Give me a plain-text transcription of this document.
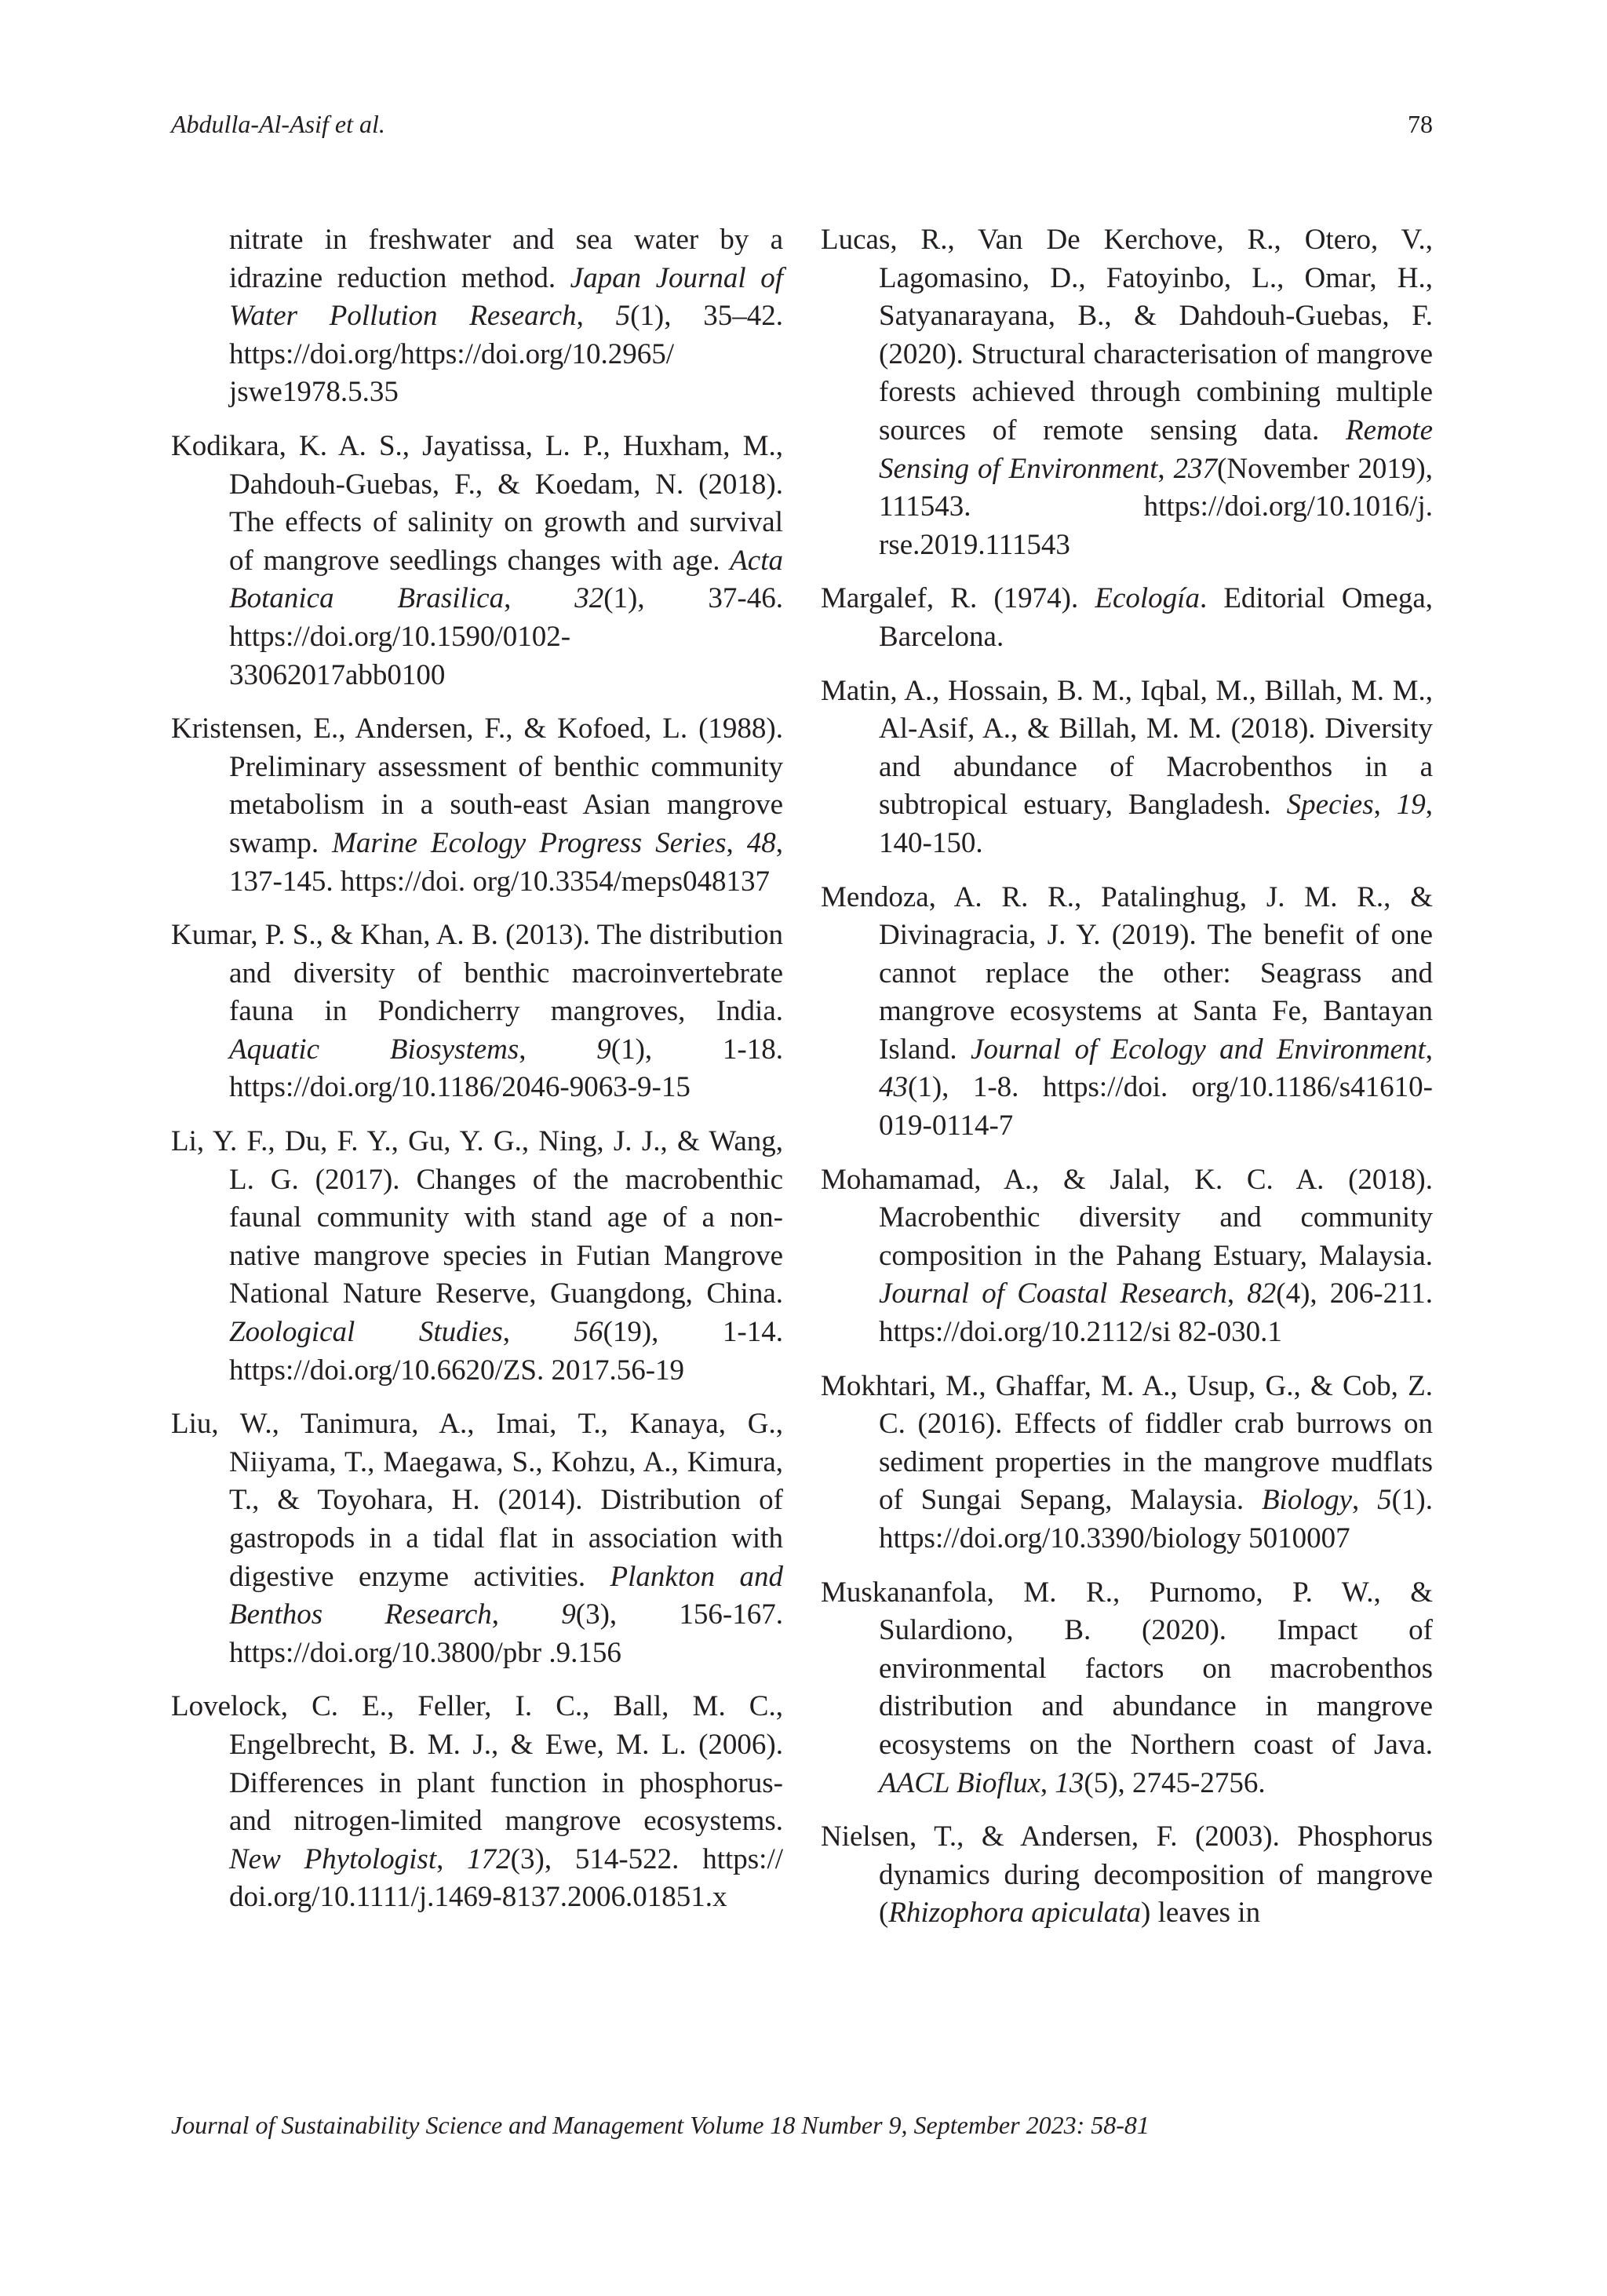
Abdulla-Al-Asif et al.	78

nitrate in freshwater and sea water by a idrazine reduction method. Japan Journal of Water Pollution Research, 5(1), 35–42. https://doi.org/https://doi.org/10.2965/ jswe1978.5.35

Kodikara, K. A. S., Jayatissa, L. P., Huxham, M., Dahdouh-Guebas, F., & Koedam, N. (2018). The effects of salinity on growth and survival of mangrove seedlings changes with age. Acta Botanica Brasilica, 32(1), 37-46. https://doi.org/10.1590/0102-33062017abb0100

Kristensen, E., Andersen, F., & Kofoed, L. (1988). Preliminary assessment of benthic community metabolism in a south-east Asian mangrove swamp. Marine Ecology Progress Series, 48, 137-145. https://doi. org/10.3354/meps048137

Kumar, P. S., & Khan, A. B. (2013). The distribution and diversity of benthic macroinvertebrate fauna in Pondicherry mangroves, India. Aquatic Biosystems, 9(1), 1-18. https://doi.org/10.1186/2046-9063-9-15

Li, Y. F., Du, F. Y., Gu, Y. G., Ning, J. J., & Wang, L. G. (2017). Changes of the macrobenthic faunal community with stand age of a non-native mangrove species in Futian Mangrove National Nature Reserve, Guangdong, China. Zoological Studies, 56(19), 1-14. https://doi.org/10.6620/ZS. 2017.56-19

Liu, W., Tanimura, A., Imai, T., Kanaya, G., Niiyama, T., Maegawa, S., Kohzu, A., Kimura, T., & Toyohara, H. (2014). Distribution of gastropods in a tidal flat in association with digestive enzyme activities. Plankton and Benthos Research, 9(3), 156-167. https://doi.org/10.3800/pbr .9.156

Lovelock, C. E., Feller, I. C., Ball, M. C., Engelbrecht, B. M. J., & Ewe, M. L. (2006). Differences in plant function in phosphorus- and nitrogen-limited mangrove ecosystems. New Phytologist, 172(3), 514-522. https:// doi.org/10.1111/j.1469-8137.2006.01851.x

Lucas, R., Van De Kerchove, R., Otero, V., Lagomasino, D., Fatoyinbo, L., Omar, H., Satyanarayana, B., & Dahdouh-Guebas, F. (2020). Structural characterisation of mangrove forests achieved through combining multiple sources of remote sensing data. Remote Sensing of Environment, 237(November 2019), 111543. https://doi.org/10.1016/j. rse.2019.111543

Margalef, R. (1974). Ecología. Editorial Omega, Barcelona.

Matin, A., Hossain, B. M., Iqbal, M., Billah, M. M., Al-Asif, A., & Billah, M. M. (2018). Diversity and abundance of Macrobenthos in a subtropical estuary, Bangladesh. Species, 19, 140-150.

Mendoza, A. R. R., Patalinghug, J. M. R., & Divinagracia, J. Y. (2019). The benefit of one cannot replace the other: Seagrass and mangrove ecosystems at Santa Fe, Bantayan Island. Journal of Ecology and Environment, 43(1), 1-8. https://doi. org/10.1186/s41610-019-0114-7

Mohamamad, A., & Jalal, K. C. A. (2018). Macrobenthic diversity and community composition in the Pahang Estuary, Malaysia. Journal of Coastal Research, 82(4), 206-211. https://doi.org/10.2112/si 82-030.1

Mokhtari, M., Ghaffar, M. A., Usup, G., & Cob, Z. C. (2016). Effects of fiddler crab burrows on sediment properties in the mangrove mudflats of Sungai Sepang, Malaysia. Biology, 5(1). https://doi.org/10.3390/biology 5010007

Muskananfola, M. R., Purnomo, P. W., & Sulardiono, B. (2020). Impact of environmental factors on macrobenthos distribution and abundance in mangrove ecosystems on the Northern coast of Java. AACL Bioflux, 13(5), 2745-2756.

Nielsen, T., & Andersen, F. (2003). Phosphorus dynamics during decomposition of mangrove (Rhizophora apiculata) leaves in

Journal of Sustainability Science and Management Volume 18 Number 9, September 2023: 58-81
